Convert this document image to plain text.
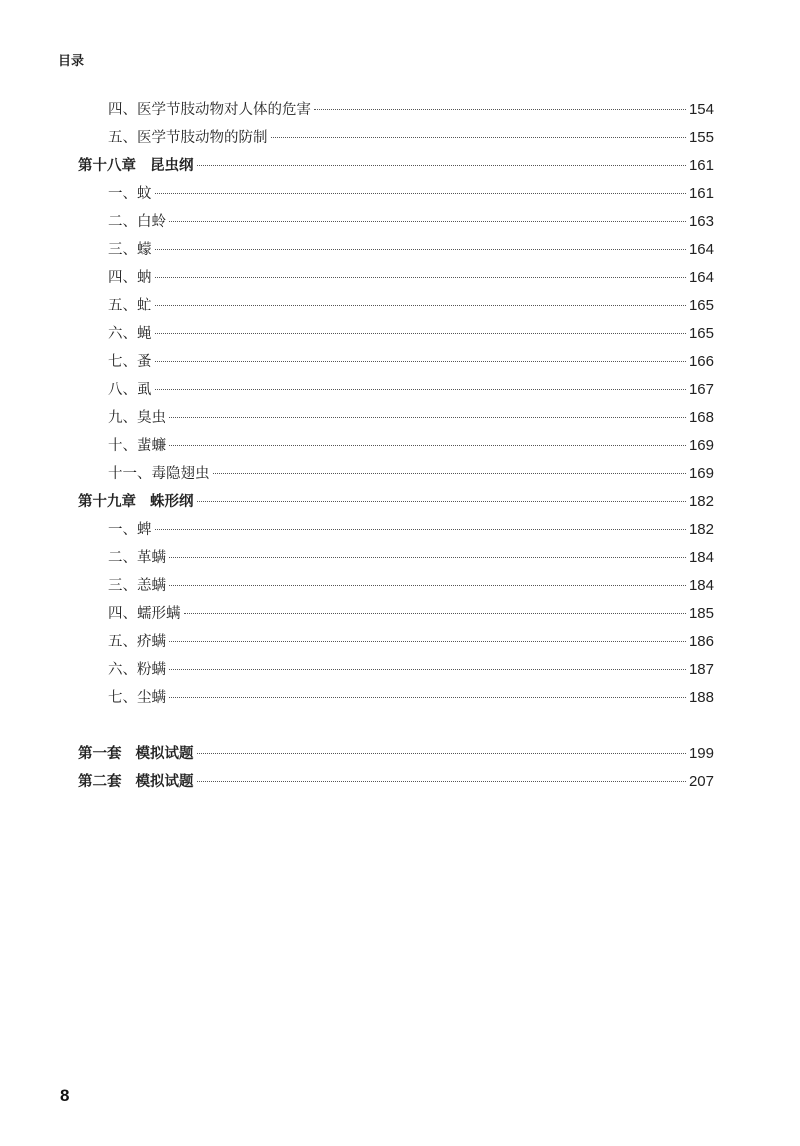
目录
四、医学节肢动物对人体的危害	154
五、医学节肢动物的防制	155
第十八章 昆虫纲	161
一、蚊	161
二、白蛉	163
三、蠓	164
四、蚋	164
五、虻	165
六、蝇	165
七、蚤	166
八、虱	167
九、臭虫	168
十、蜚蠊	169
十一、毒隐翅虫	169
第十九章 蛛形纲	182
一、蜱	182
二、革螨	184
三、恙螨	184
四、蠕形螨	185
五、疥螨	186
六、粉螨	187
七、尘螨	188
第一套 模拟试题	199
第二套 模拟试题	207
8
